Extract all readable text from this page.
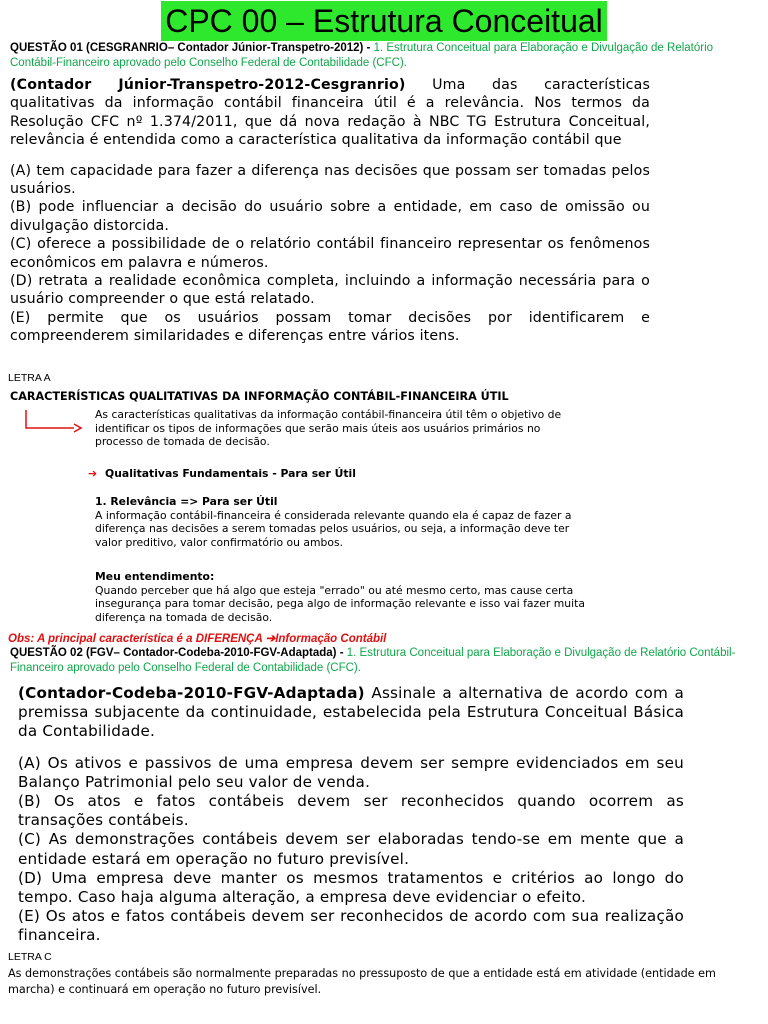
CPC 00 – Estrutura Conceitual
QUESTÃO 01 (CESGRANRIO– Contador Júnior-Transpetro-2012) - 1. Estrutura Conceitual para Elaboração e Divulgação de Relatório Contábil-Financeiro aprovado pelo Conselho Federal de Contabilidade (CFC).

(Contador Júnior-Transpetro-2012-Cesgranrio) Uma das características qualitativas da informação contábil financeira útil é a relevância. Nos termos da Resolução CFC nº 1.374/2011, que dá nova redação à NBC TG Estrutura Conceitual, relevância é entendida como a característica qualitativa da informação contábil que

(A) tem capacidade para fazer a diferença nas decisões que possam ser tomadas pelos usuários.

(B) pode influenciar a decisão do usuário sobre a entidade, em caso de omissão ou divulgação distorcida.

(C) oferece a possibilidade de o relatório contábil financeiro representar os fenômenos econômicos em palavra e números.

(D) retrata a realidade econômica completa, incluindo a informação necessária para o usuário compreender o que está relatado.

(E) permite que os usuários possam tomar decisões por identificarem e compreenderem similaridades e diferenças entre vários itens.

LETRA A
CARACTERÍSTICAS QUALITATIVAS DA INFORMAÇÃO CONTÁBIL-FINANCEIRA ÚTIL
As características qualitativas da informação contábil-financeira útil têm o objetivo de identificar os tipos de informações que serão mais úteis aos usuários primários no processo de tomada de decisão.
➔ Qualitativas Fundamentais - Para ser Útil
1. Relevância => Para ser Útil
A informação contábil-financeira é considerada relevante quando ela é capaz de fazer a diferença nas decisões a serem tomadas pelos usuários, ou seja, a informação deve ter valor preditivo, valor confirmatório ou ambos.
Meu entendimento:
Quando perceber que há algo que esteja "errado" ou até mesmo certo, mas cause certa insegurança para tomar decisão, pega algo de informação relevante e isso vai fazer muita diferença na tomada de decisão.
Obs: A principal característica é a DIFERENÇA ➔Informação Contábil
QUESTÃO 02 (FGV– Contador-Codeba-2010-FGV-Adaptada) - 1. Estrutura Conceitual para Elaboração e Divulgação de Relatório Contábil-Financeiro aprovado pelo Conselho Federal de Contabilidade (CFC).

(Contador-Codeba-2010-FGV-Adaptada) Assinale a alternativa de acordo com a premissa subjacente da continuidade, estabelecida pela Estrutura Conceitual Básica da Contabilidade.

(A) Os ativos e passivos de uma empresa devem ser sempre evidenciados em seu Balanço Patrimonial pelo seu valor de venda.

(B) Os atos e fatos contábeis devem ser reconhecidos quando ocorrem as transações contábeis.

(C) As demonstrações contábeis devem ser elaboradas tendo-se em mente que a entidade estará em operação no futuro previsível.

(D) Uma empresa deve manter os mesmos tratamentos e critérios ao longo do tempo. Caso haja alguma alteração, a empresa deve evidenciar o efeito.

(E) Os atos e fatos contábeis devem ser reconhecidos de acordo com sua realização financeira.

LETRA C
As demonstrações contábeis são normalmente preparadas no pressuposto de que a entidade está em atividade (entidade em marcha) e continuará em operação no futuro previsível.
